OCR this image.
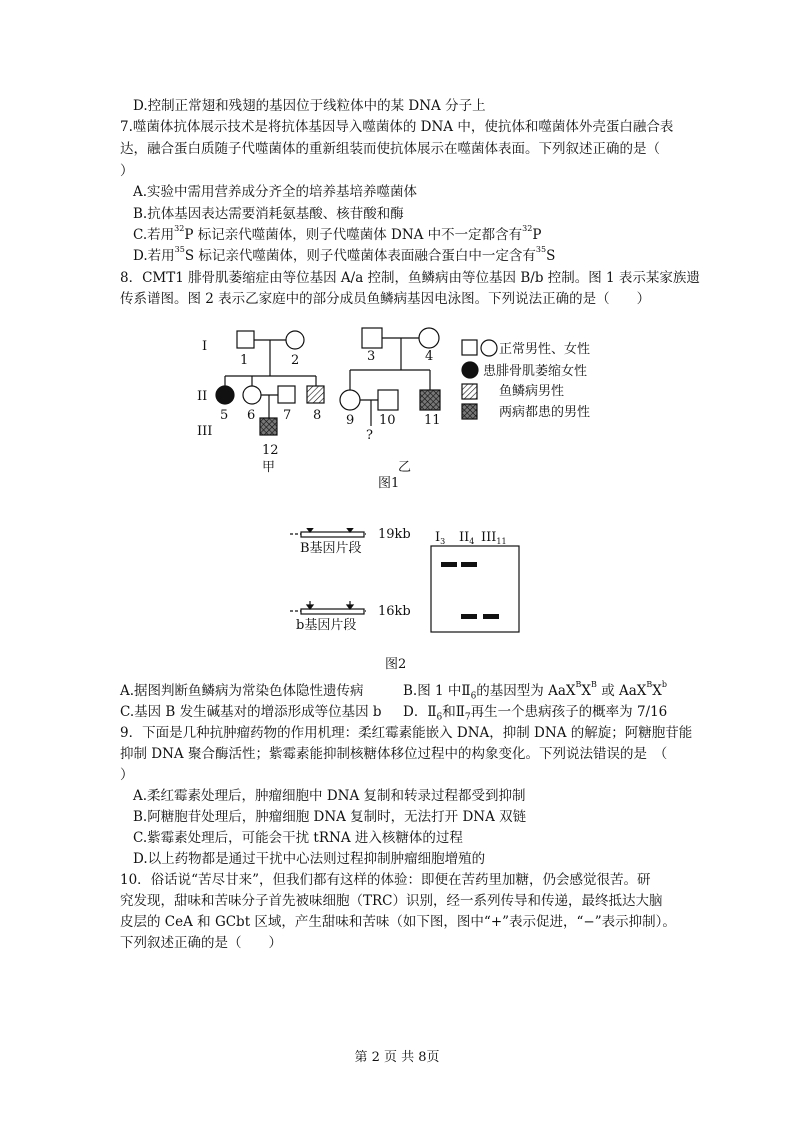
D.控制正常翅和残翅的基因位于线粒体中的某 DNA 分子上
7.噬菌体抗体展示技术是将抗体基因导入噬菌体的 DNA 中，使抗体和噬菌体外壳蛋白融合表
达，融合蛋白质随子代噬菌体的重新组装而使抗体展示在噬菌体表面。下列叙述正确的是（
）
A.实验中需用营养成分齐全的培养基培养噬菌体
B.抗体基因表达需要消耗氨基酸、核苷酸和酶
C.若用$^{32}$P 标记亲代噬菌体，则子代噬菌体 DNA 中不一定都含有$^{32}$P
D.若用$^{35}$S 标记亲代噬菌体，则子代噬菌体表面融合蛋白中一定含有$^{35}$S
8．CMT1 腓骨肌萎缩症由等位基因 A/a 控制，鱼鳞病由等位基因 B/b 控制。图 1 表示某家族遗
传系谱图。图 2 表示乙家庭中的部分成员鱼鳞病基因电泳图。下列说法正确的是（　　）
I
II
III
1	2
5 6 7 8
12
甲
3	4
9 10 11
?
乙
正常男性、女性
患腓骨肌萎缩女性
鱼鳞病男性
两病都患的男性
图1
B基因片段
b基因片段
19kb
16kb
$I_3$ $II_4$ $III_{11}$
图2
A.据图判断鱼鳞病为常染色体隐性遗传病	B.图 1 中$Ⅱ_6$的基因型为 $AaX^BX^B$ 或 $AaX^BX^b$
C.基因 B 发生碱基对的增添形成等位基因 b D．$Ⅱ_6$和$Ⅱ_7$再生一个患病孩子的概率为 7/16
9．下面是几种抗肿瘤药物的作用机理：柔红霉素能嵌入 DNA，抑制 DNA 的解旋；阿糖胞苷能
抑制 DNA 聚合酶活性；紫霉素能抑制核糖体移位过程中的构象变化。下列说法错误的是　（
）
A.柔红霉素处理后，肿瘤细胞中 DNA 复制和转录过程都受到抑制
B.阿糖胞苷处理后，肿瘤细胞 DNA 复制时，无法打开 DNA 双链
C.紫霉素处理后，可能会干扰 tRNA 进入核糖体的过程
D.以上药物都是通过干扰中心法则过程抑制肿瘤细胞增殖的
10．俗话说“苦尽甘来”，但我们都有这样的体验：即便在苦药里加糖，仍会感觉很苦。研
究发现，甜味和苦味分子首先被味细胞（TRC）识别，经一系列传导和传递，最终抵达大脑
皮层的 CeA 和 GCbt 区域，产生甜味和苦味（如下图，图中“+”表示促进，“−”表示抑制）。
下列叙述正确的是（　　）
第 2 页 共 8页
